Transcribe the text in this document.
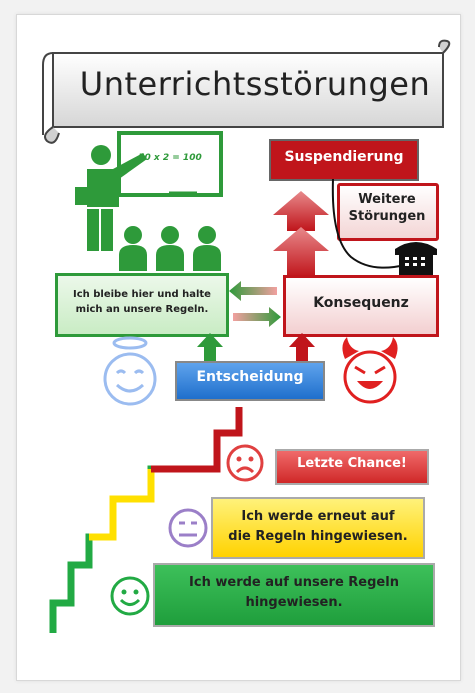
Unterrichtsstörungen
50 x 2 = 100	Suspendierung
Weitere
Störungen
Ich bleibe hier und halte
mich an unsere Regeln.	Konsequenz
Entscheidung
Letzte Chance!
Ich werde erneut auf
die Regeln hingewiesen.
Ich werde auf unsere Regeln
hingewiesen.
